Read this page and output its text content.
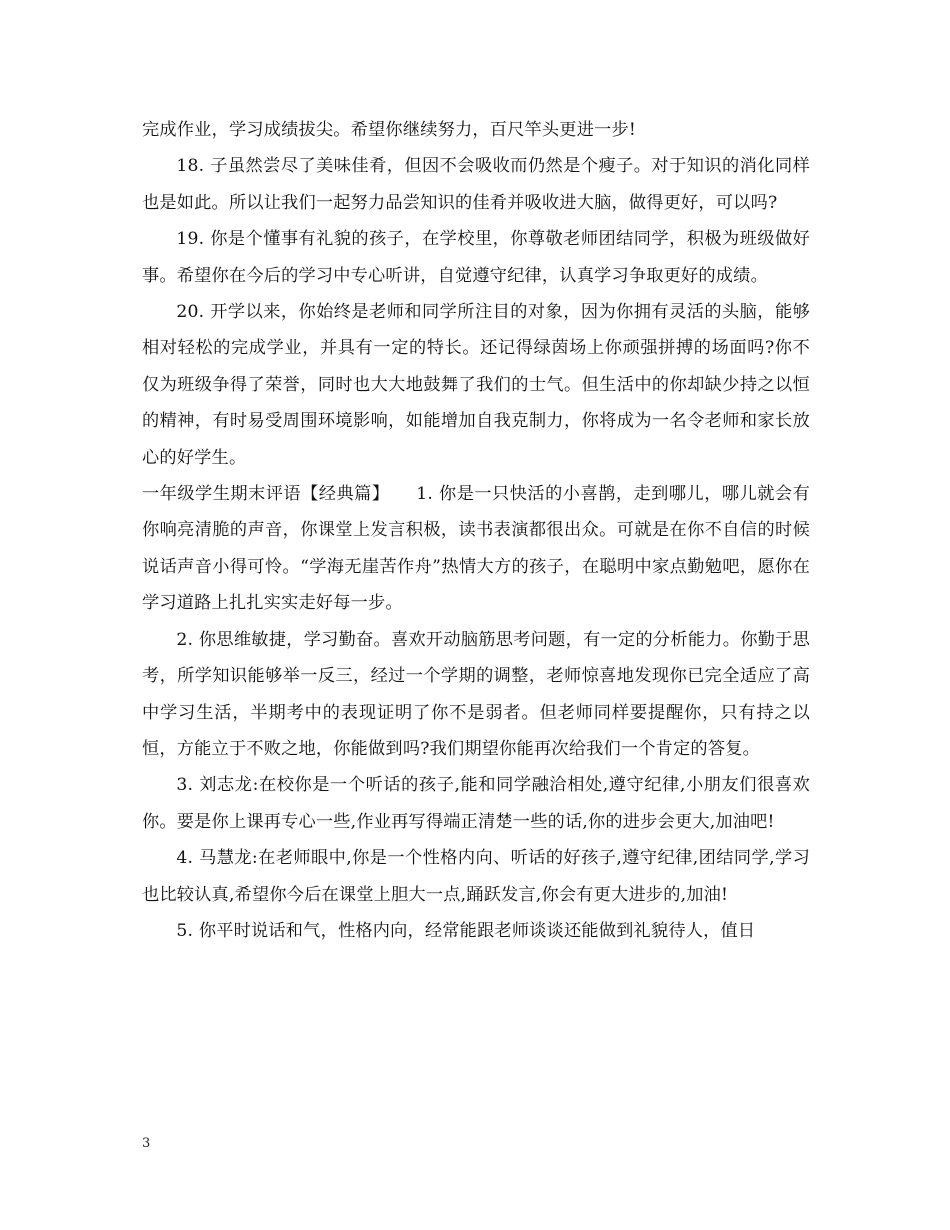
完成作业，学习成绩拔尖。希望你继续努力，百尺竿头更进一步!

18. 子虽然尝尽了美味佳肴，但因不会吸收而仍然是个瘦子。对于知识的消化同样也是如此。所以让我们一起努力品尝知识的佳肴并吸收进大脑，做得更好，可以吗?

19. 你是个懂事有礼貌的孩子，在学校里，你尊敬老师团结同学，积极为班级做好事。希望你在今后的学习中专心听讲，自觉遵守纪律，认真学习争取更好的成绩。

20. 开学以来，你始终是老师和同学所注目的对象，因为你拥有灵活的头脑，能够相对轻松的完成学业，并具有一定的特长。还记得绿茵场上你顽强拼搏的场面吗?你不仅为班级争得了荣誉，同时也大大地鼓舞了我们的士气。但生活中的你却缺少持之以恒的精神，有时易受周围环境影响，如能增加自我克制力，你将成为一名令老师和家长放心的好学生。

一年级学生期末评语【经典篇】　　1. 你是一只快活的小喜鹊，走到哪儿，哪儿就会有你响亮清脆的声音，你课堂上发言积极，读书表演都很出众。可就是在你不自信的时候说话声音小得可怜。“学海无崖苦作舟”热情大方的孩子，在聪明中家点勤勉吧，愿你在学习道路上扎扎实实走好每一步。

2. 你思维敏捷，学习勤奋。喜欢开动脑筋思考问题，有一定的分析能力。你勤于思考，所学知识能够举一反三，经过一个学期的调整，老师惊喜地发现你已完全适应了高中学习生活，半期考中的表现证明了你不是弱者。但老师同样要提醒你，只有持之以恒，方能立于不败之地，你能做到吗?我们期望你能再次给我们一个肯定的答复。

3. 刘志龙:在校你是一个听话的孩子,能和同学融洽相处,遵守纪律,小朋友们很喜欢你。要是你上课再专心一些,作业再写得端正清楚一些的话,你的进步会更大,加油吧!

4. 马慧龙:在老师眼中,你是一个性格内向、听话的好孩子,遵守纪律,团结同学,学习也比较认真,希望你今后在课堂上胆大一点,踊跃发言,你会有更大进步的,加油!

5. 你平时说话和气，性格内向，经常能跟老师谈谈还能做到礼貌待人，值日

3
